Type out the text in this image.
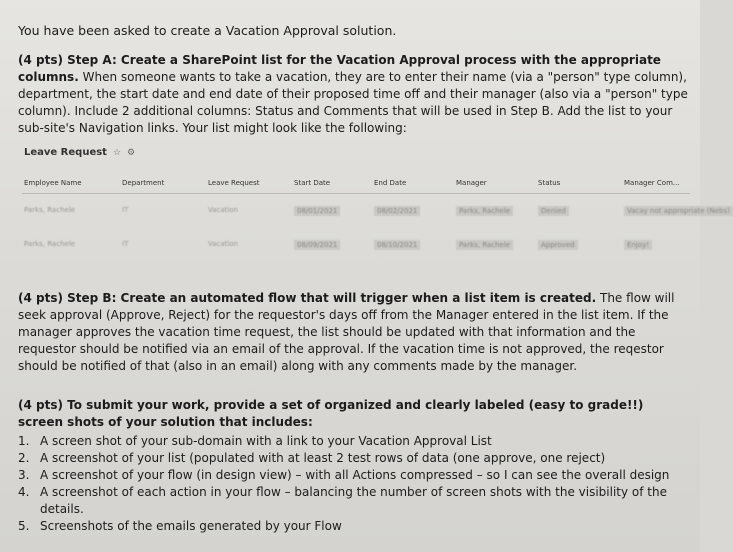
You have been asked to create a Vacation Approval solution.
(4 pts) Step A: Create a SharePoint list for the Vacation Approval process with the appropriate columns. When someone wants to take a vacation, they are to enter their name (via a "person" type column), department, the start date and end date of their proposed time off and their manager (also via a "person" type column). Include 2 additional columns: Status and Comments that will be used in Step B. Add the list to your sub-site's Navigation links. Your list might look like the following:
Leave Request ☆ ⚙
Employee Name	Department	Leave Request	Start Date	End Date	Manager	Status	Manager Com...
Parks, Rachele	IT	Vacation	08/01/2021	08/02/2021	Parks, Rachele	Denied	Vacay not appropriate (Nebs)
Parks, Rachele	IT	Vacation	08/09/2021	08/10/2021	Parks, Rachele	Approved	Enjoy!
(4 pts) Step B: Create an automated flow that will trigger when a list item is created. The flow will seek approval (Approve, Reject) for the requestor's days off from the Manager entered in the list item. If the manager approves the vacation time request, the list should be updated with that information and the requestor should be notified via an email of the approval. If the vacation time is not approved, the reqestor should be notified of that (also in an email) along with any comments made by the manager.
(4 pts) To submit your work, provide a set of organized and clearly labeled (easy to grade!!) screen shots of your solution that includes:
1. A screen shot of your sub-domain with a link to your Vacation Approval List
2. A screenshot of your list (populated with at least 2 test rows of data (one approve, one reject)
3. A screenshot of your flow (in design view) – with all Actions compressed – so I can see the overall design
4. A screenshot of each action in your flow – balancing the number of screen shots with the visibility of the details.
5. Screenshots of the emails generated by your Flow
